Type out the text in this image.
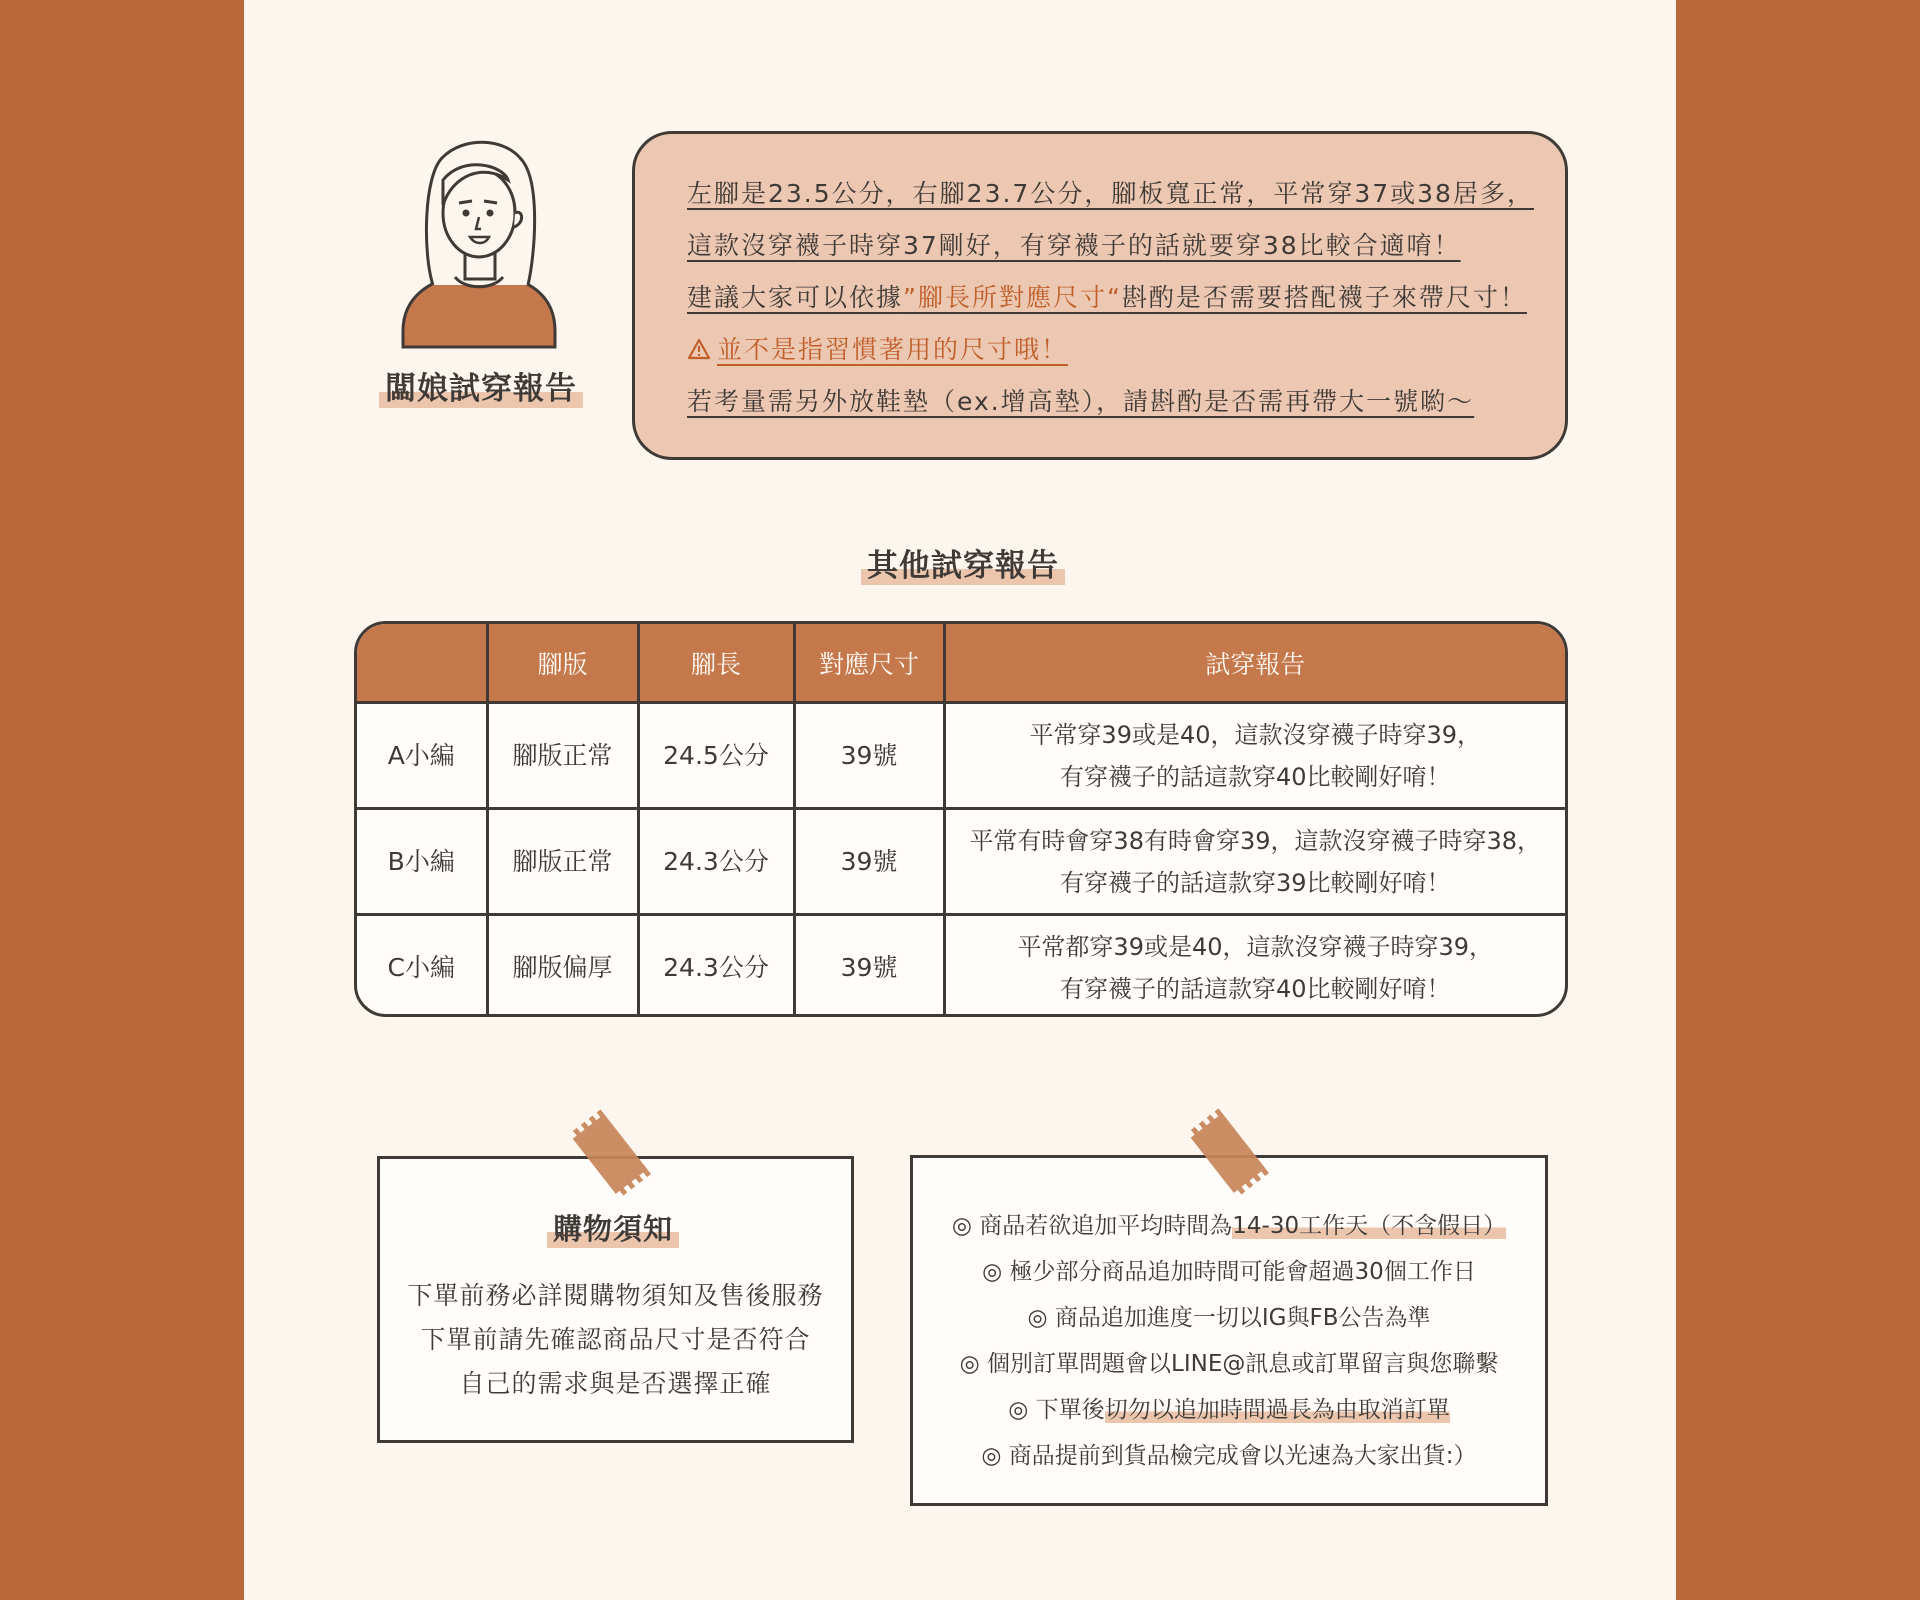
闆娘試穿報告
左腳是23.5公分，右腳23.7公分，腳板寬正常，平常穿37或38居多，
這款沒穿襪子時穿37剛好，有穿襪子的話就要穿38比較合適唷！
建議大家可以依據”腳長所對應尺寸“斟酌是否需要搭配襪子來帶尺寸！
並不是指習慣著用的尺寸哦！
若考量需另外放鞋墊（ex.增高墊），請斟酌是否需再帶大一號喲～
其他試穿報告
	腳版	腳長	對應尺寸	試穿報告
A小編	腳版正常	24.5公分	39號	平常穿39或是40，這款沒穿襪子時穿39，
有穿襪子的話這款穿40比較剛好唷！
B小編	腳版正常	24.3公分	39號	平常有時會穿38有時會穿39，這款沒穿襪子時穿38，
有穿襪子的話這款穿39比較剛好唷！
C小編	腳版偏厚	24.3公分	39號	平常都穿39或是40，這款沒穿襪子時穿39，
有穿襪子的話這款穿40比較剛好唷！
下單前務必詳閱購物須知及售後服務
下單前請先確認商品尺寸是否符合
自己的需求與是否選擇正確
購物須知	◎ 商品若欲追加平均時間為14-30工作天（不含假日）
◎ 極少部分商品追加時間可能會超過30個工作日
◎ 商品追加進度一切以IG與FB公告為準
◎ 個別訂單問題會以LINE@訊息或訂單留言與您聯繫
◎ 下單後切勿以追加時間過長為由取消訂單
◎ 商品提前到貨品檢完成會以光速為大家出貨:）
